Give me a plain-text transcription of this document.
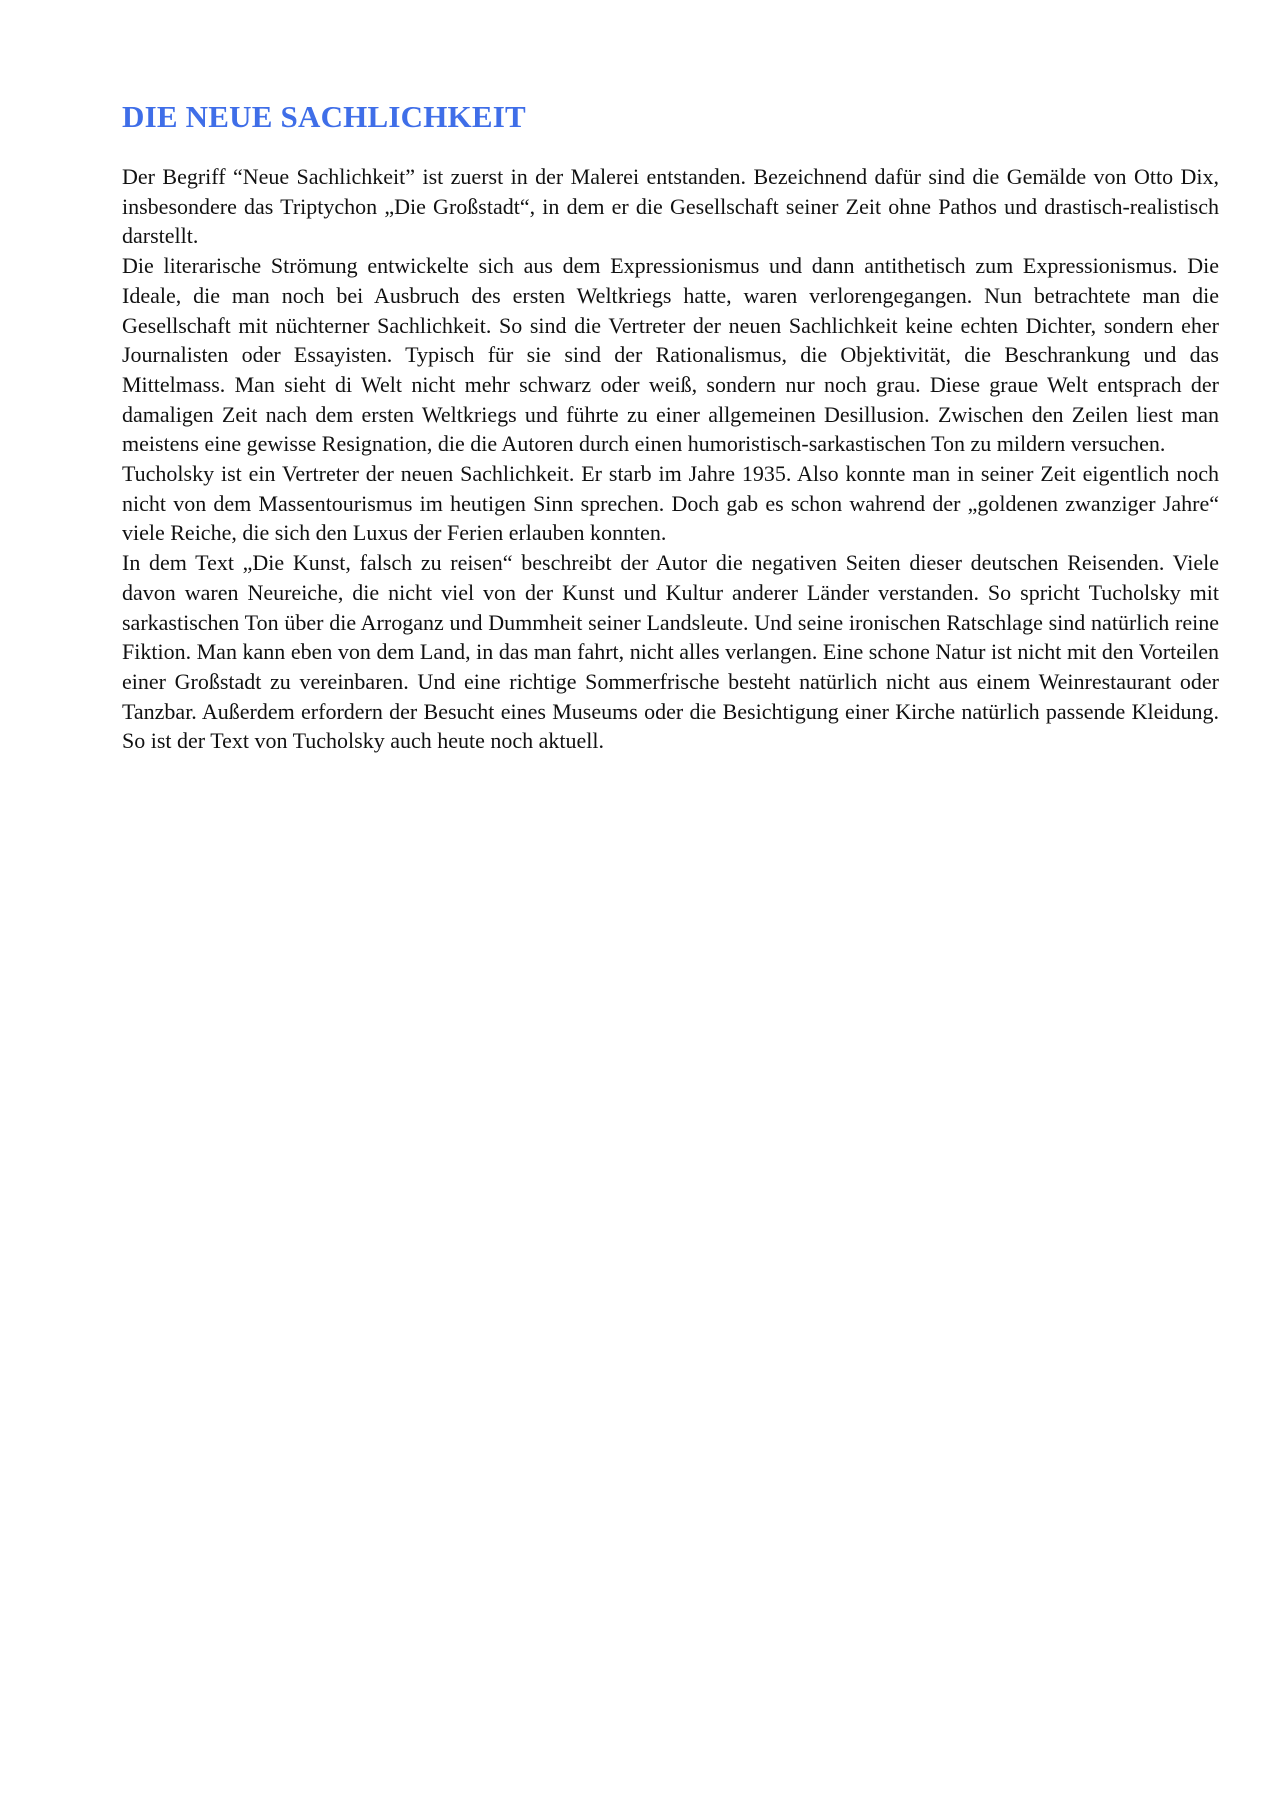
DIE NEUE SACHLICHKEIT

Der Begriff “Neue Sachlichkeit” ist zuerst in der Malerei entstanden. Bezeichnend dafür sind die Gemälde von Otto Dix, insbesondere das Triptychon „Die Großstadt“, in dem er die Gesellschaft seiner Zeit ohne Pathos und drastisch-realistisch darstellt.

Die literarische Strömung entwickelte sich aus dem Expressionismus und dann antithetisch zum Expressionismus. Die Ideale, die man noch bei Ausbruch des ersten Weltkriegs hatte, waren verlorengegangen. Nun betrachtete man die Gesellschaft mit nüchterner Sachlichkeit. So sind die Vertreter der neuen Sachlichkeit keine echten Dichter, sondern eher Journalisten oder Essayisten. Typisch für sie sind der Rationalismus, die Objektivität, die Beschrankung und das Mittelmass. Man sieht di Welt nicht mehr schwarz oder weiß, sondern nur noch grau. Diese graue Welt entsprach der damaligen Zeit nach dem ersten Weltkriegs und führte zu einer allgemeinen Desillusion. Zwischen den Zeilen liest man meistens eine gewisse Resignation, die die Autoren durch einen humoristisch-sarkastischen Ton zu mildern versuchen.

Tucholsky ist ein Vertreter der neuen Sachlichkeit. Er starb im Jahre 1935. Also konnte man in seiner Zeit eigentlich noch nicht von dem Massentourismus im heutigen Sinn sprechen. Doch gab es schon wahrend der „goldenen zwanziger Jahre“ viele Reiche, die sich den Luxus der Ferien erlauben konnten.

In dem Text „Die Kunst, falsch zu reisen“ beschreibt der Autor die negativen Seiten dieser deutschen Reisenden. Viele davon waren Neureiche, die nicht viel von der Kunst und Kultur anderer Länder verstanden. So spricht Tucholsky mit sarkastischen Ton über die Arroganz und Dummheit seiner Landsleute. Und seine ironischen Ratschlage sind natürlich reine Fiktion. Man kann eben von dem Land, in das man fahrt, nicht alles verlangen. Eine schone Natur ist nicht mit den Vorteilen einer Großstadt zu vereinbaren. Und eine richtige Sommerfrische besteht natürlich nicht aus einem Weinrestaurant oder Tanzbar. Außerdem erfordern der Besucht eines Museums oder die Besichtigung einer Kirche natürlich passende Kleidung. So ist der Text von Tucholsky auch heute noch aktuell.
